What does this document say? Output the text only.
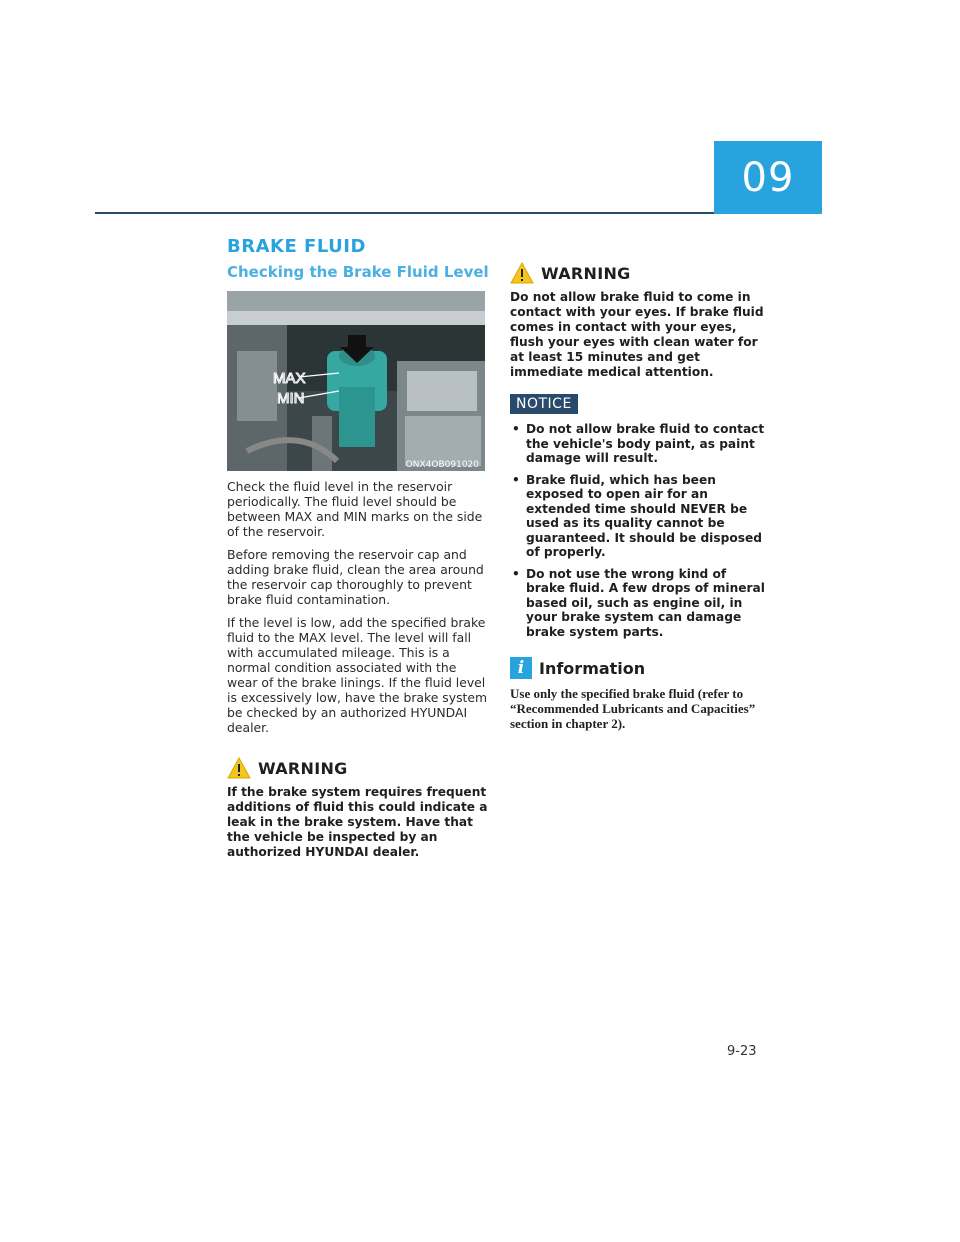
09
BRAKE FLUID
Checking the Brake Fluid Level
MAX
MIN
ONX4OB091020

Check the fluid level in the reservoir periodically. The fluid level should be between MAX and MIN marks on the side of the reservoir.

Before removing the reservoir cap and adding brake fluid, clean the area around the reservoir cap thoroughly to prevent brake fluid contamination.

If the level is low, add the specified brake fluid to the MAX level. The level will fall with accumulated mileage. This is a normal condition associated with the wear of the brake linings. If the fluid level is excessively low, have the brake system be checked by an authorized HYUNDAI dealer.

WARNING

If the brake system requires frequent additions of fluid this could indicate a leak in the brake system. Have that the vehicle be inspected by an authorized HYUNDAI dealer.

WARNING

Do not allow brake fluid to come in contact with your eyes. If brake fluid comes in contact with your eyes, flush your eyes with clean water for at least 15 minutes and get immediate medical attention.

NOTICE
• Do not allow brake fluid to contact the vehicle's body paint, as paint damage will result.
• Brake fluid, which has been exposed to open air for an extended time should NEVER be used as its quality cannot be guaranteed. It should be disposed of properly.
• Do not use the wrong kind of brake fluid. A few drops of mineral based oil, such as engine oil, in your brake system can damage brake system parts.
i Information
Use only the specified brake fluid (refer to “Recommended Lubricants and Capacities” section in chapter 2).
9-23
